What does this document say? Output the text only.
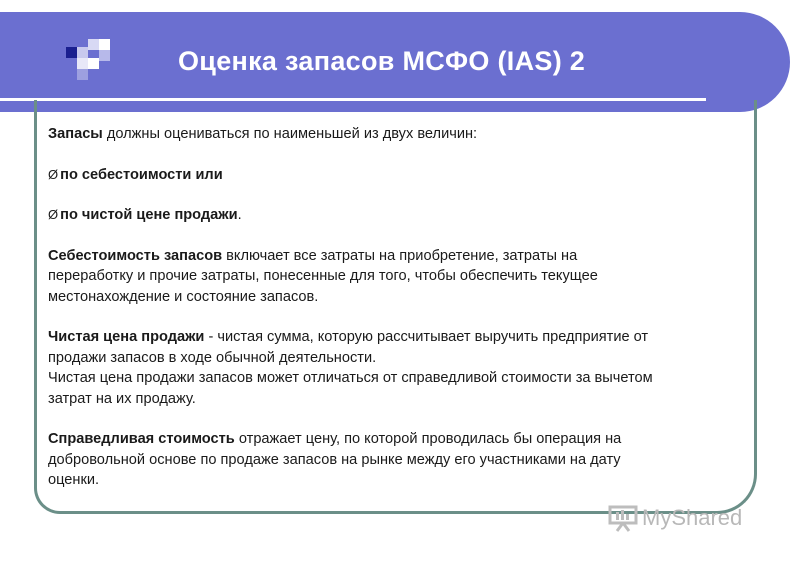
Оценка запасов МСФО (IAS) 2

Запасы должны оцениваться по наименьшей из двух величин:

Ø по себестоимости или

Ø по чистой цене продажи .

Себестоимость запасов включает все затраты на приобретение, затраты на

переработку и прочие затраты, понесенные для того, чтобы обеспечить текущее

местонахождение и состояние запасов.

Чистая цена продажи - чистая сумма, которую рассчитывает выручить предприятие от

продажи запасов в ходе обычной деятельности.

Чистая цена продажи запасов может отличаться от справедливой стоимости за вычетом

затрат на их продажу.

Справедливая стоимость отражает цену, по которой проводилась бы операция на

добровольной основе по продаже запасов на рынке между его участниками на дату

оценки.

MyShared
